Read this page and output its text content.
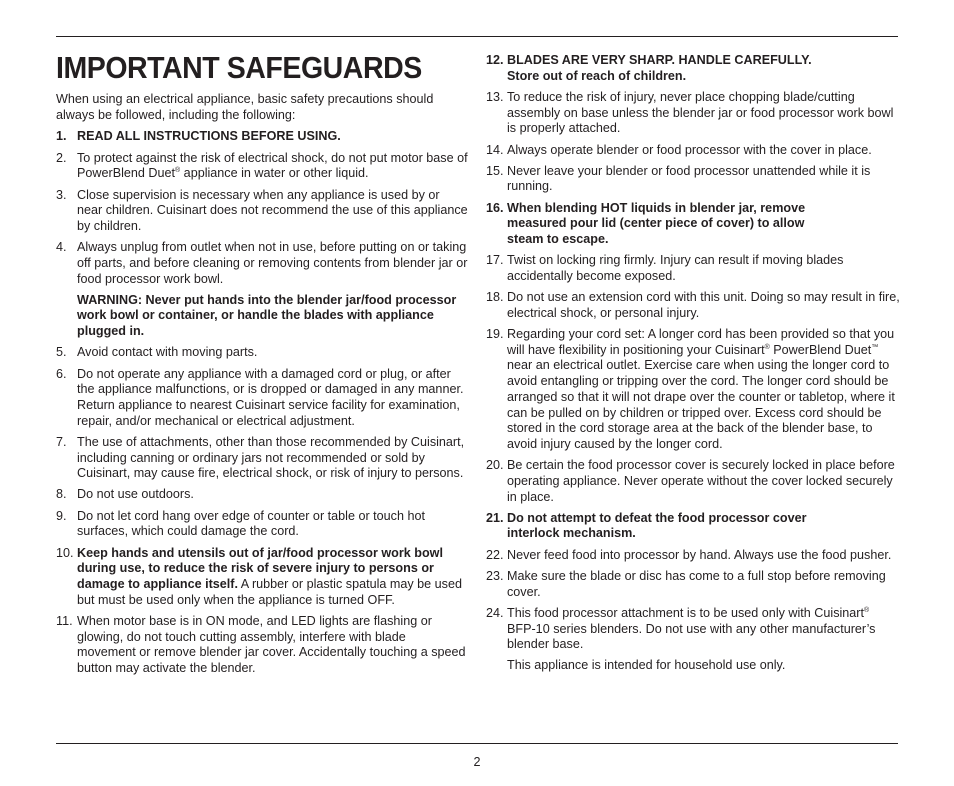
IMPORTANT SAFEGUARDS

When using an electrical appliance, basic safety precautions should always be followed, including the following:

1. READ ALL INSTRUCTIONS BEFORE USING.
2. To protect against the risk of electrical shock, do not put motor base of PowerBlend Duet® appliance in water or other liquid.
3. Close supervision is necessary when any appliance is used by or near children. Cuisinart does not recommend the use of this appliance by children.
4. Always unplug from outlet when not in use, before putting on or taking off parts, and before cleaning or removing contents from blender jar or food processor work bowl.
WARNING: Never put hands into the blender jar/food processor work bowl or container, or handle the blades with appliance plugged in.
5. Avoid contact with moving parts.
6. Do not operate any appliance with a damaged cord or plug, or after the appliance malfunctions, or is dropped or damaged in any manner. Return appliance to nearest Cuisinart service facility for examination, repair, and/or mechanical or electrical adjustment.
7. The use of attachments, other than those recommended by Cuisinart, including canning or ordinary jars not recommended or sold by Cuisinart, may cause fire, electrical shock, or risk of injury to persons.
8. Do not use outdoors.
9. Do not let cord hang over edge of counter or table or touch hot surfaces, which could damage the cord.
10. Keep hands and utensils out of jar/food processor work bowl during use, to reduce the risk of severe injury to persons or damage to appliance itself. A rubber or plastic spatula may be used but must be used only when the appliance is turned OFF.
11. When motor base is in ON mode, and LED lights are flashing or glowing, do not touch cutting assembly, interfere with blade movement or remove blender jar cover. Accidentally touching a speed button may activate the blender.
12. BLADES ARE VERY SHARP. HANDLE CAREFULLY.
Store out of reach of children.
13. To reduce the risk of injury, never place chopping blade/cutting assembly on base unless the blender jar or food processor work bowl is properly attached.
14. Always operate blender or food processor with the cover in place.
15. Never leave your blender or food processor unattended while it is running.
16. When blending HOT liquids in blender jar, remove measured pour lid (center piece of cover) to allow steam to escape.
17. Twist on locking ring firmly. Injury can result if moving blades accidentally become exposed.
18. Do not use an extension cord with this unit. Doing so may result in fire, electrical shock, or personal injury.
19. Regarding your cord set: A longer cord has been provided so that you will have flexibility in positioning your Cuisinart® PowerBlend Duet™ near an electrical outlet. Exercise care when using the longer cord to avoid entangling or tripping over the cord. The longer cord should be arranged so that it will not drape over the counter or tabletop, where it can be pulled on by children or tripped over. Excess cord should be stored in the cord storage area at the back of the blender base, to avoid injury caused by the longer cord.
20. Be certain the food processor cover is securely locked in place before operating appliance. Never operate without the cover locked securely in place.
21. Do not attempt to defeat the food processor cover interlock mechanism.
22. Never feed food into processor by hand. Always use the food pusher.
23. Make sure the blade or disc has come to a full stop before removing cover.
24. This food processor attachment is to be used only with Cuisinart® BFP-10 series blenders. Do not use with any other manufacturer’s blender base.

This appliance is intended for household use only.

2
